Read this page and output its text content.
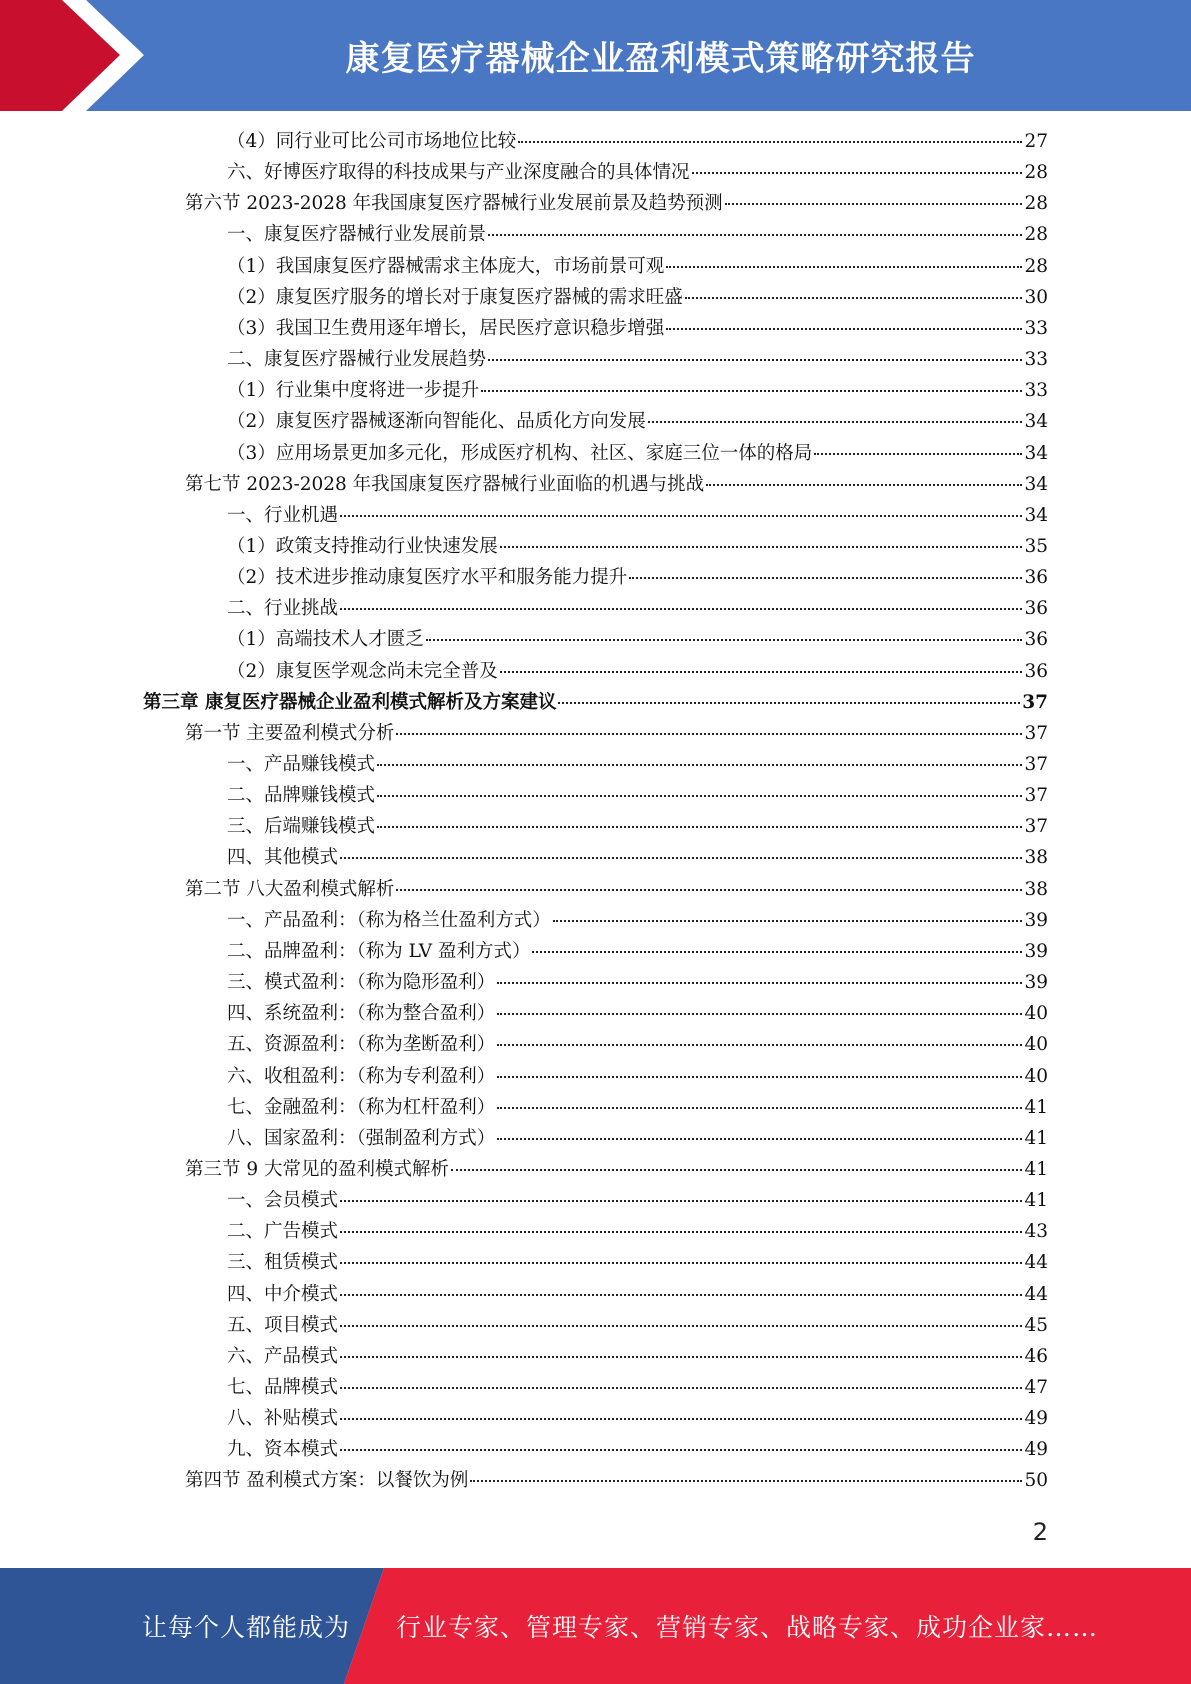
康复医疗器械企业盈利模式策略研究报告
（4）同行业可比公司市场地位比较	27
六、好博医疗取得的科技成果与产业深度融合的具体情况	28
第六节 2023-2028 年我国康复医疗器械行业发展前景及趋势预测	28
一、康复医疗器械行业发展前景	28
（1）我国康复医疗器械需求主体庞大，市场前景可观	28
（2）康复医疗服务的增长对于康复医疗器械的需求旺盛	30
（3）我国卫生费用逐年增长，居民医疗意识稳步增强	33
二、康复医疗器械行业发展趋势	33
（1）行业集中度将进一步提升	33
（2）康复医疗器械逐渐向智能化、品质化方向发展	34
（3）应用场景更加多元化，形成医疗机构、社区、家庭三位一体的格局	34
第七节 2023-2028 年我国康复医疗器械行业面临的机遇与挑战	34
一、行业机遇	34
（1）政策支持推动行业快速发展	35
（2）技术进步推动康复医疗水平和服务能力提升	36
二、行业挑战	36
（1）高端技术人才匮乏	36
（2）康复医学观念尚未完全普及	36
第三章 康复医疗器械企业盈利模式解析及方案建议	37
第一节 主要盈利模式分析	37
一、产品赚钱模式	37
二、品牌赚钱模式	37
三、后端赚钱模式	37
四、其他模式	38
第二节 八大盈利模式解析	38
一、产品盈利：（称为格兰仕盈利方式）	39
二、品牌盈利：（称为 LV 盈利方式）	39
三、模式盈利：（称为隐形盈利）	39
四、系统盈利：（称为整合盈利）	40
五、资源盈利：（称为垄断盈利）	40
六、收租盈利：（称为专利盈利）	40
七、金融盈利：（称为杠杆盈利）	41
八、国家盈利：（强制盈利方式）	41
第三节 9 大常见的盈利模式解析	41
一、会员模式	41
二、广告模式	43
三、租赁模式	44
四、中介模式	44
五、项目模式	45
六、产品模式	46
七、品牌模式	47
八、补贴模式	49
九、资本模式	49
第四节 盈利模式方案：以餐饮为例	50
2
让每个人都能成为 行业专家、管理专家、营销专家、战略专家、成功企业家……
